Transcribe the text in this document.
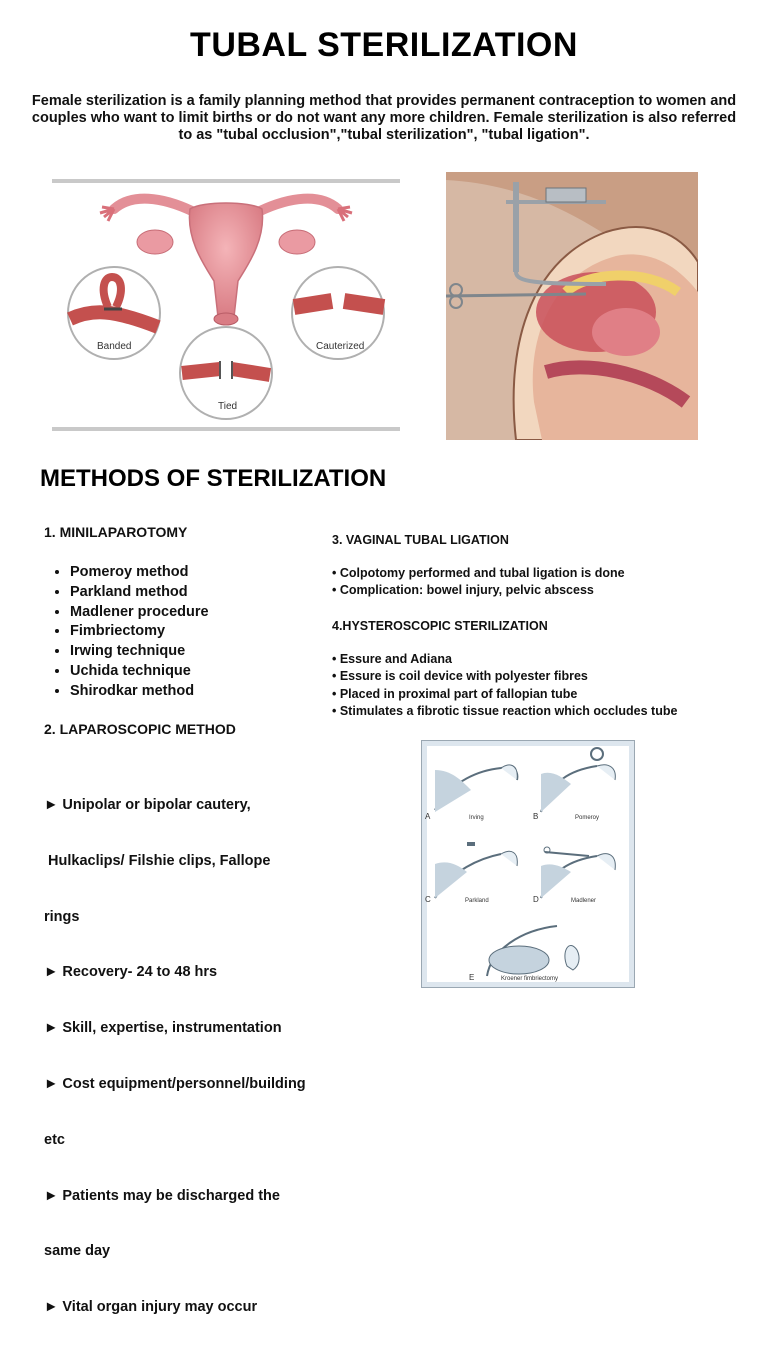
TUBAL STERILIZATION
Female sterilization is a family planning method that provides permanent contraception to women and couples who want to limit births or do not want any more children. Female sterilization is also referred to as "tubal occlusion","tubal sterilization", "tubal ligation".
Banded	Cauterized
Tied
METHODS OF STERILIZATION
1. MINILAPAROTOMY
• Pomeroy method
• Parkland method
• Madlener procedure
• Fimbriectomy
• Irwing technique
• Uchida technique
• Shirodkar method
2. LAPAROSCOPIC METHOD

► Unipolar or bipolar cautery,

Hulkaclips/ Filshie clips, Fallope

rings

► Recovery- 24 to 48 hrs

► Skill, expertise, instrumentation

► Cost equipment/personnel/building

etc

► Patients may be discharged the

same day

► Vital organ injury may occur

3. VAGINAL TUBAL LIGATION
• Colpotomy performed and tubal ligation is done
• Complication: bowel injury, pelvic abscess
4.HYSTEROSCOPIC STERILIZATION
• Essure and Adiana
• Essure is coil device with polyester fibres
• Placed in proximal part of fallopian tube
• Stimulates a fibrotic tissue reaction which occludes tube
A	Irving	B	Pomeroy
C	Parkland	D	Madlener
E	Kroener fimbriectomy
